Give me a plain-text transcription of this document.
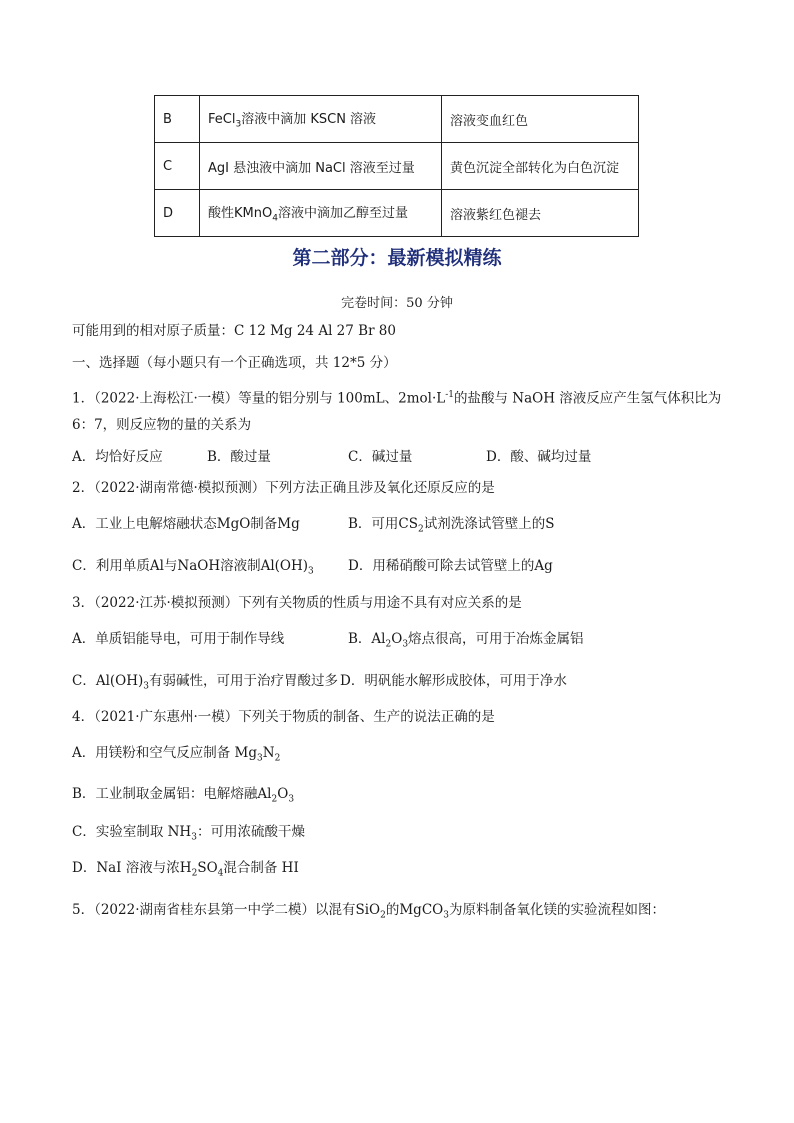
B	FeCl$_3$溶液中滴加 KSCN 溶液	溶液变血红色
C	AgI 悬浊液中滴加 NaCl 溶液至过量	黄色沉淀全部转化为白色沉淀
D	酸性KMnO$_4$溶液中滴加乙醇至过量	溶液紫红色褪去
第二部分：最新模拟精练
完卷时间：50 分钟
可能用到的相对原子质量：C 12 Mg 24 Al 27 Br 80
一、选择题（每小题只有一个正确选项，共 12*5 分）
1．（2022·上海松江·一模）等量的铝分别与 100mL、$2mol\cdot L^{-1}$的盐酸与 NaOH 溶液反应产生氢气体积比为
6：7，则反应物的量的关系为
A．均恰好反应	B．酸过量	C．碱过量	D．酸、碱均过量
2．（2022·湖南常德·模拟预测）下列方法正确且涉及氧化还原反应的是
A．工业上电解熔融状态MgO制备Mg	B．可用$CS_2$试剂洗涤试管壁上的S
C．利用单质Al与NaOH溶液制$Al(OH)_3$	D．用稀硝酸可除去试管壁上的Ag
3．（2022·江苏·模拟预测）下列有关物质的性质与用途不具有对应关系的是
A．单质铝能导电，可用于制作导线	B．$Al_2O_3$熔点很高，可用于冶炼金属铝
C．$Al(OH)_3$有弱碱性，可用于治疗胃酸过多 D．明矾能水解形成胶体，可用于净水
4．（2021·广东惠州·一模）下列关于物质的制备、生产的说法正确的是
A．用镁粉和空气反应制备 $Mg_3N_2$
B．工业制取金属铝：电解熔融$Al_2O_3$
C．实验室制取 $NH_3$：可用浓硫酸干燥
D．NaI 溶液与浓$H_2SO_4$混合制备 HI
5．（2022·湖南省桂东县第一中学二模）以混有SiO$_2$的MgCO$_3$为原料制备氧化镁的实验流程如图：
